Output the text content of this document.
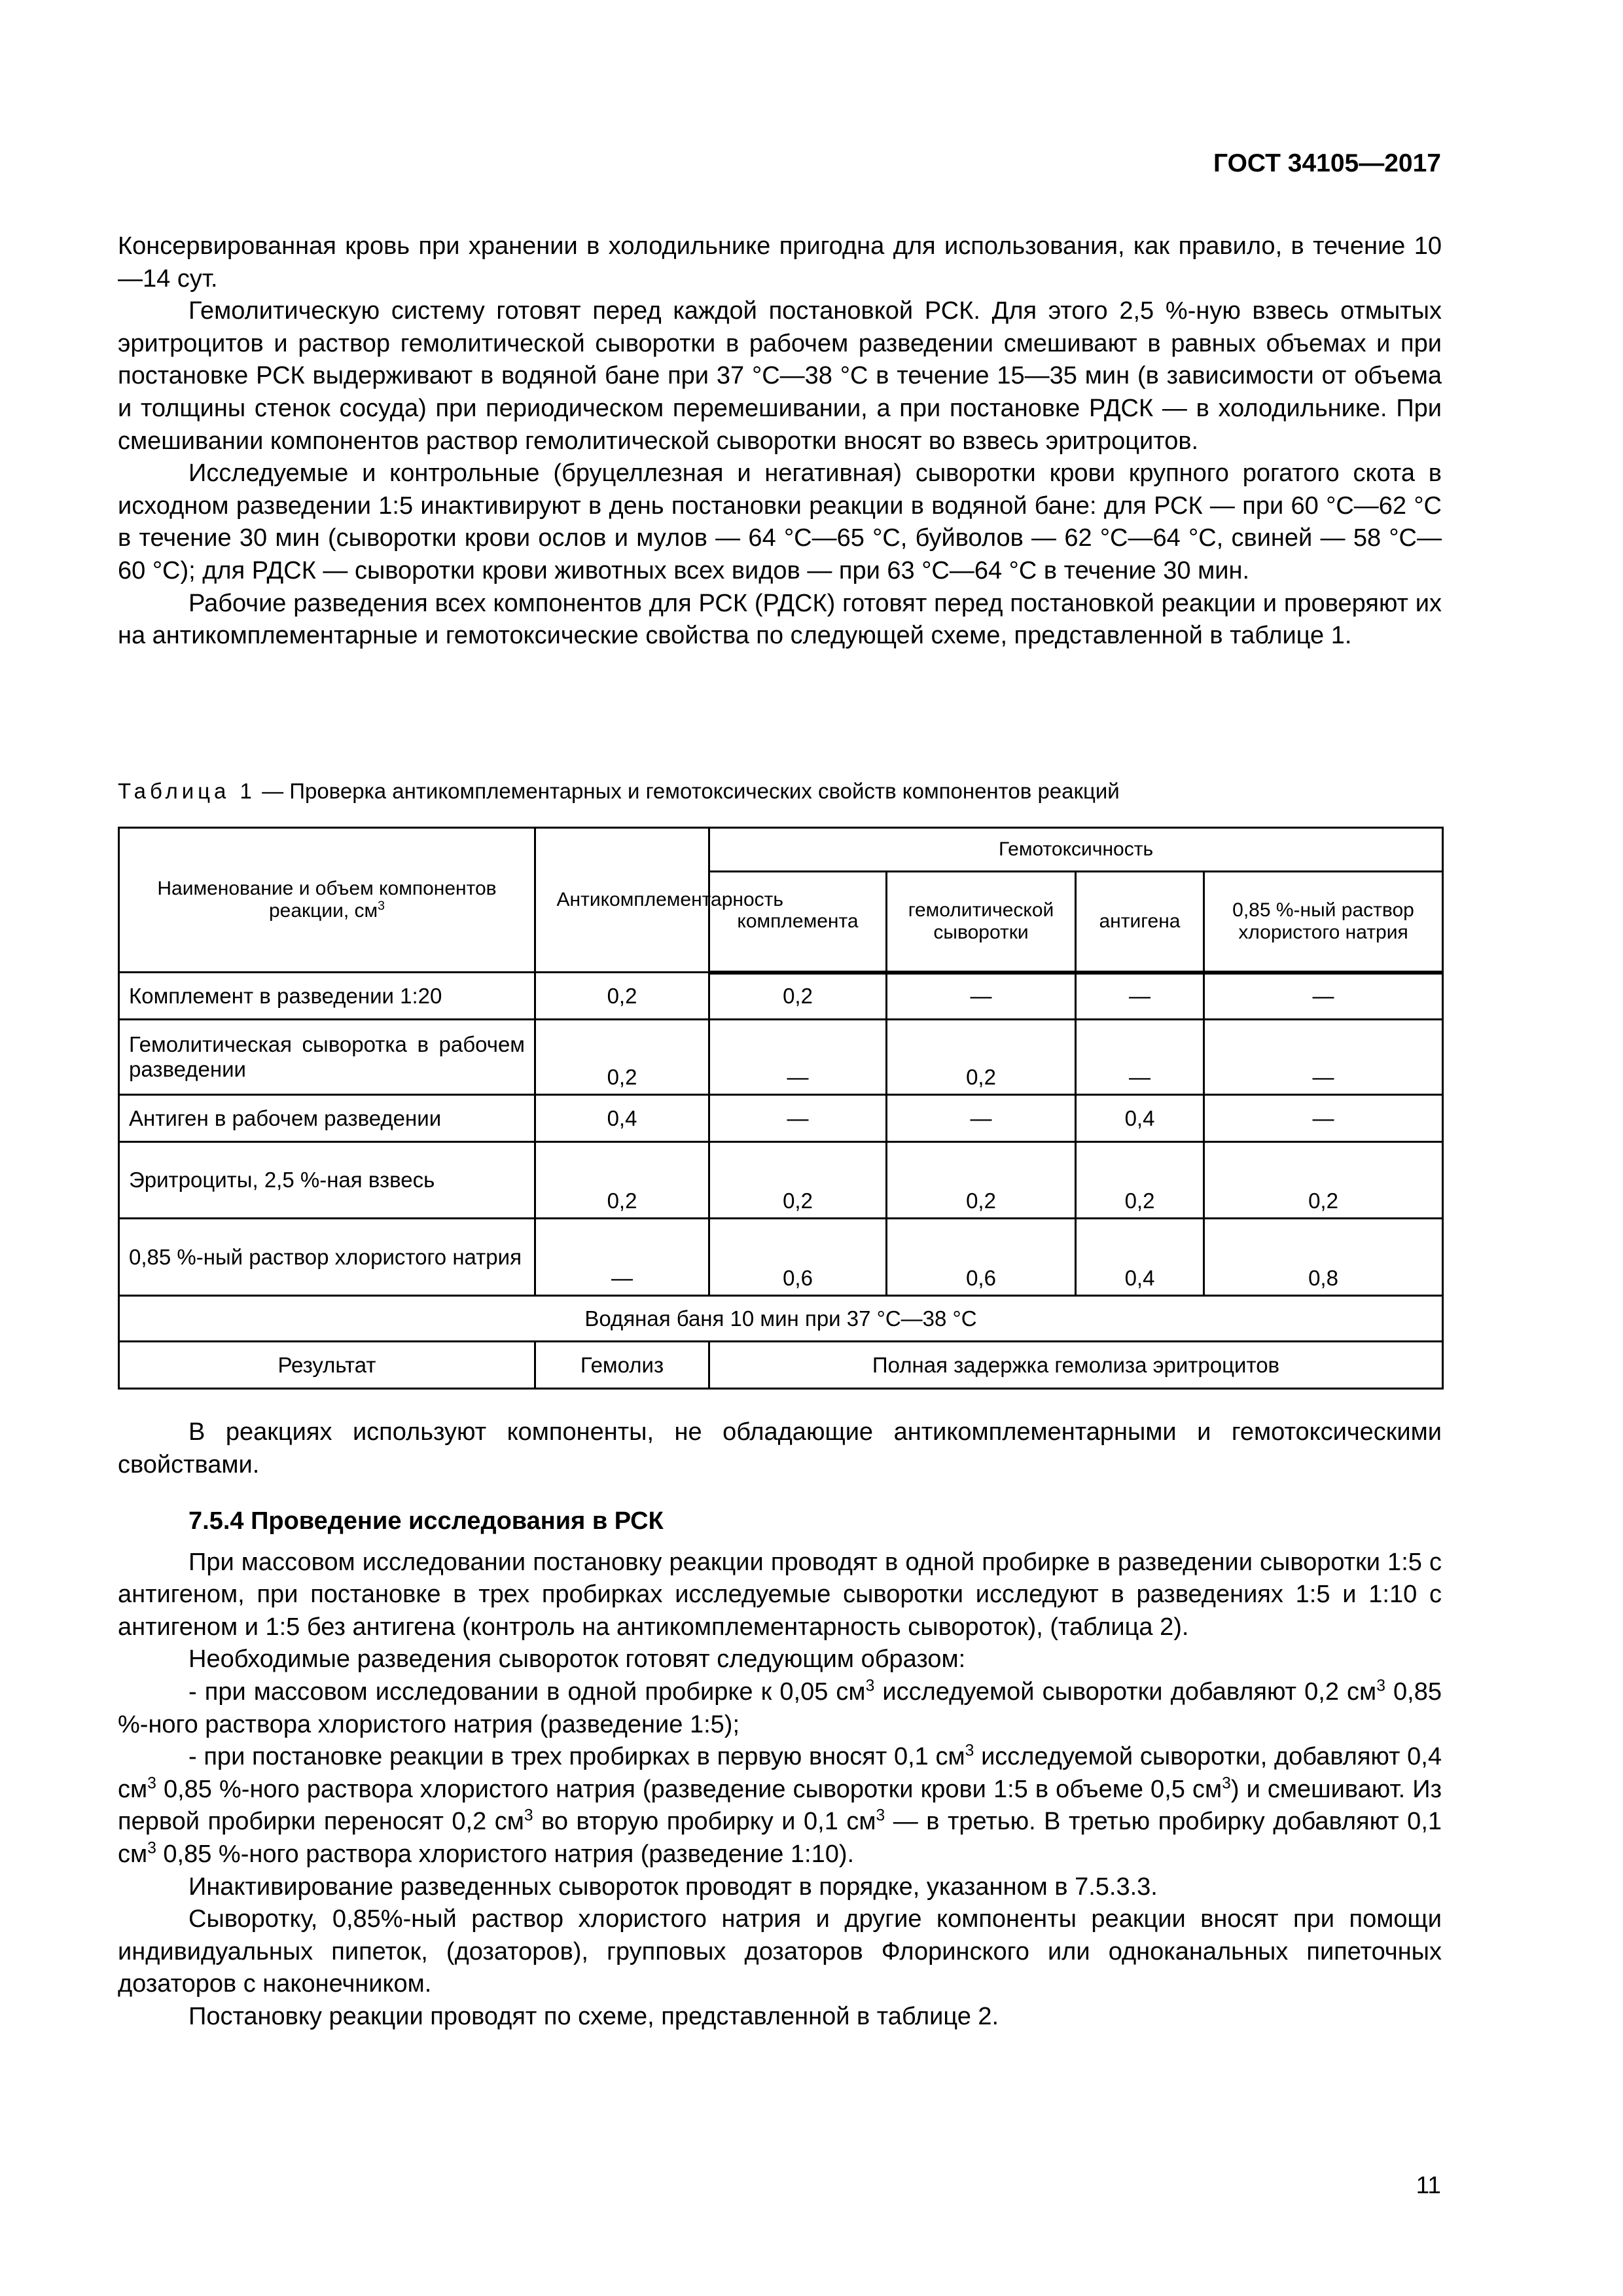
ГОСТ 34105—2017

Консервированная кровь при хранении в холодильнике пригодна для использования, как правило, в течение 10—14 сут.

Гемолитическую систему готовят перед каждой постановкой РСК. Для этого 2,5 %-ную взвесь отмытых эритроцитов и раствор гемолитической сыворотки в рабочем разведении смешивают в равных объемах и при постановке РСК выдерживают в водяной бане при 37 °С—38 °С в течение 15—35 мин (в зависимости от объема и толщины стенок сосуда) при периодическом перемешивании, а при постановке РДСК — в холодильнике. При смешивании компонентов раствор гемолитической сыворотки вносят во взвесь эритроцитов.

Исследуемые и контрольные (бруцеллезная и негативная) сыворотки крови крупного рогатого скота в исходном разведении 1:5 инактивируют в день постановки реакции в водяной бане: для РСК — при 60 °С—62 °С в течение 30 мин (сыворотки крови ослов и мулов — 64 °С—65 °С, буйволов — 62 °С—64 °С, свиней — 58 °С—60 °С); для РДСК — сыворотки крови животных всех видов — при 63 °С—64 °С в течение 30 мин.

Рабочие разведения всех компонентов для РСК (РДСК) готовят перед постановкой реакции и проверяют их на антикомплементарные и гемотоксические свойства по следующей схеме, представленной в таблице 1.

Таблица 1 — Проверка антикомплементарных и гемотоксических свойств компонентов реакций
Наименование и объем компонентов реакции, $см^3$	Антикомплементарность	Гемотоксичность			
		комплемента	гемолитической сыворотки	антигена	0,85 %-ный раствор хлористого натрия
Комплемент в разведении 1:20	0,2	0,2	—	—	—
Гемолитическая сыворотка в рабочем разведении	0,2	—	0,2	—	—
Антиген в рабочем разведении	0,4	—	—	0,4	—
Эритроциты, 2,5 %-ная взвесь	0,2	0,2	0,2	0,2	0,2
0,85 %-ный раствор хлористого натрия	—	0,6	0,6	0,4	0,8
Водяная баня 10 мин при 37 °С—38 °С					
Результат	Гемолиз	Полная задержка гемолиза эритроцитов			

В реакциях используют компоненты, не обладающие антикомплементарными и гемотоксическими свойствами.

7.5.4 Проведение исследования в РСК

При массовом исследовании постановку реакции проводят в одной пробирке в разведении сыворотки 1:5 с антигеном, при постановке в трех пробирках исследуемые сыворотки исследуют в разведениях 1:5 и 1:10 с антигеном и 1:5 без антигена (контроль на антикомплементарность сывороток), (таблица 2).

Необходимые разведения сывороток готовят следующим образом:

- при массовом исследовании в одной пробирке к 0,05 $см^3$ исследуемой сыворотки добавляют 0,2 $см^3$ 0,85 %-ного раствора хлористого натрия (разведение 1:5);

- при постановке реакции в трех пробирках в первую вносят 0,1 $см^3$ исследуемой сыворотки, добавляют 0,4 $см^3$ 0,85 %-ного раствора хлористого натрия (разведение сыворотки крови 1:5 в объеме 0,5 $см^3$) и смешивают. Из первой пробирки переносят 0,2 $см^3$ во вторую пробирку и 0,1 $см^3$ — в третью. В третью пробирку добавляют 0,1 $см^3$ 0,85 %-ного раствора хлористого натрия (разведение 1:10).

Инактивирование разведенных сывороток проводят в порядке, указанном в 7.5.3.3.

Сыворотку, 0,85%-ный раствор хлористого натрия и другие компоненты реакции вносят при помощи индивидуальных пипеток, (дозаторов), групповых дозаторов Флоринского или одноканальных пипеточных дозаторов с наконечником.

Постановку реакции проводят по схеме, представленной в таблице 2.

11
